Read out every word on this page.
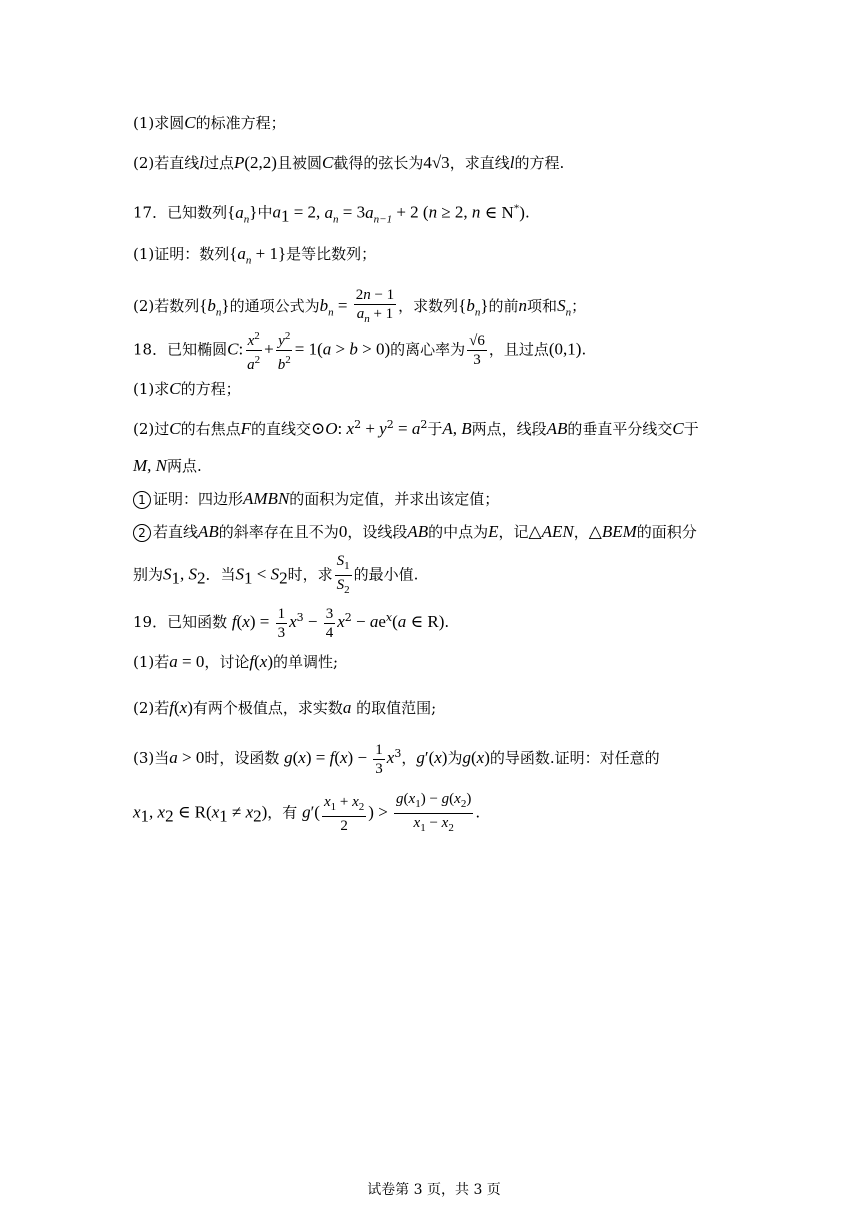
(1)求圆C的标准方程；
(2)若直线l过点P(2,2)且被圆C截得的弦长为4√3，求直线l的方程.
17．已知数列$\{a_n\}$中$a_1 = 2$, $a_n = 3a_{n-1} + 2$ (n ≥ 2, n ∈ N*).
(1)证明：数列$\{a_n + 1\}$是等比数列；
(2)若数列$\{b_n\}$的通项公式为$b_n = \frac{2n - 1}{a_n + 1}$ ，求数列$\{b_n\}$的前n项和$S_n$；
18．已知椭圆C: $\frac{x^2}{a^2} + \frac{y^2}{b^2} = 1(a > b > 0)$的离心率为 $\frac{√6}{3}$ ，且过点(0,1).
(1)求C的方程；
(2)过C的右焦点F的直线交⊙O: $x^2 + y^2 = a^2$于A, B两点，线段AB的垂直平分线交C于
M, N两点.
1 证明：四边形AMBN的面积为定值，并求出该定值；
2 若直线AB的斜率存在且不为0，设线段AB的中点为E，记△AEN，△BEM的面积分
别为$S_1$, $S_2$．当$S_1 < S_2$时，求 $\frac{S_1}{S_2}$ 的最小值.
19．已知函数 $f(x) = \frac{1}{3} x^3 - \frac{3}{4} x^2 - ae^x(a$ ∈ R).
(1)若a = 0，讨论f(x)的单调性;
(2)若f(x)有两个极值点，求实数a 的取值范围;
(3)当a > 0时，设函数 $g(x) = f(x) - \frac{1}{3} x^3$，g′(x)为g(x)的导函数.证明：对任意的
$x_1$, $x_2$ ∈ $R(x_1 \ne x_2)$，有 $g'( \frac{x_1 + x_2}{2}$ ) > $\frac{g(x_1) - g(x_2)}{x_1 - x_2}$ .
试卷第 3 页，共 3 页
